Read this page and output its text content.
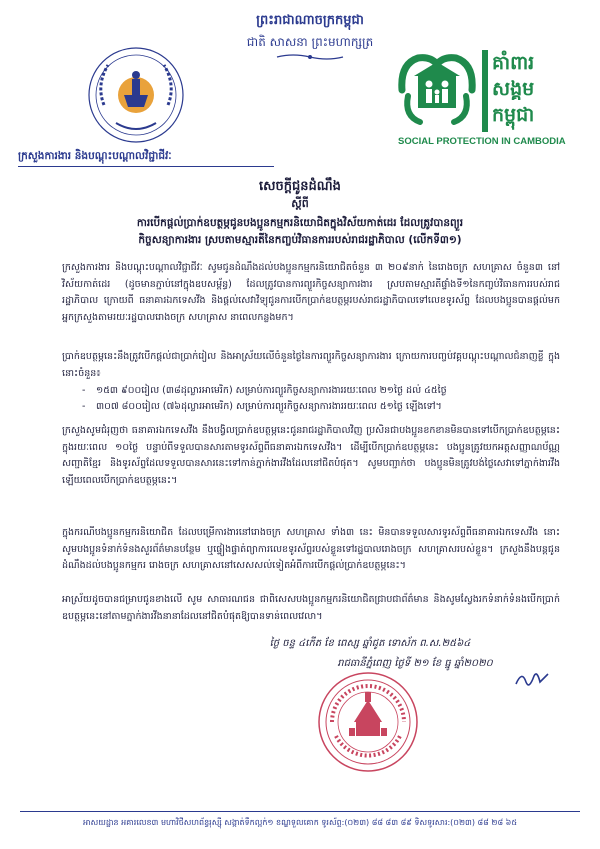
ព្រះរាជាណាចក្រកម្ពុជា
ជាតិ សាសនា ព្រះមហាក្សត្រ
គាំពារ
សង្គម
កម្ពុជា
SOCIAL PROTECTION IN CAMBODIA
ក្រសួងការងារ និងបណ្តុះបណ្តាលវិជ្ជាជីវៈ
សេចក្តីជូនដំណឹង
ស្តីពី
ការបើកផ្តល់ប្រាក់ឧបត្ថម្ភជូនបងប្អូនកម្មករនិយោជិតក្នុងវិស័យកាត់ដេរ ដែលត្រូវបានព្យួរ
កិច្ចសន្យាការងារ ស្របតាមស្មារតីនៃកញ្ចប់វិធានការរបស់រាជរដ្ឋាភិបាល (លើកទី៣១)
ក្រសួងការងារ និងបណ្តុះបណ្តាលវិជ្ជាជីវៈ សូមជូនដំណឹងដល់បងប្អូនកម្មករនិយោជិតចំនួន ៣ ២០៩នាក់ នៃរោងចក្រ សហគ្រាស ចំនួន៣ នៅវិស័យកាត់ដេរ (ដូចមានភ្ជាប់នៅក្នុងឧបសម្ព័ន្ធ) ដែលត្រូវបានការព្យួរកិច្ចសន្យាការងារ ស្របតាមស្មារតីផ្ទាំងទី១នៃកញ្ចប់វិធានការរបស់រាជរដ្ឋាភិបាល ក្រោយពី ធនាគារឯកទេសវីង និងផ្តល់សេវាវិទ្យុជូនការបើកប្រាក់ឧបត្ថម្ភរបស់រាជរដ្ឋាភិបាលទៅលេខទូរស័ព្ទ ដែលបងប្អូនបានផ្តល់មកអ្នកក្រសួងតាមរយៈរដ្ឋបាលរោងចក្រ សហគ្រាស នាពេលកន្លងមក។
ប្រាក់ឧបត្ថម្ភនេះនឹងត្រូវបើកផ្តល់ជាប្រាក់រៀល និងអាស្រ័យលើចំនួនថ្ងៃនៃការព្យួរកិច្ចសន្យាការងារ ក្រោយការបញ្ចប់វគ្គបណ្តុះបណ្តាលជំនាញខ្លី ក្នុងនោះចំនួន៖
- ១៥៣ ៩០០រៀល (៣៨ដុល្លារអាមេរិក) សម្រាប់ការព្យួរកិច្ចសន្យាការងាររយៈពេល ២១ថ្ងៃ ដល់ ៤៥ថ្ងៃ
- ៣០៧ ៨០០រៀល (៧៦ដុល្លារអាមេរិក) សម្រាប់ការព្យួរកិច្ចសន្យាការងាររយៈពេល ៥១ថ្ងៃ ឡើងទៅ។
ក្រសួងសូមជំរុញថា ធនាគារឯកទេសវីង នឹងបង្វិលប្រាក់ឧបត្ថម្ភនេះជូនរាជរដ្ឋាភិបាលវិញ ប្រសិនជាបងប្អូនខកខានមិនបានទៅបើកប្រាក់ឧបត្ថម្ភនេះក្នុងរយៈពេល ១០ថ្ងៃ បន្ទាប់ពីទទួលបានសារតាមទូរស័ព្ទពីធនាគារឯកទេសវីង។ ដើម្បីបើកប្រាក់ឧបត្ថម្ភនេះ បងប្អូនត្រូវយកអត្តសញ្ញាណប័ណ្ណសញ្ជាតិខ្មែរ និងទូរស័ព្ទដែលទទួលបានសារនេះទៅកាន់ភ្នាក់ងារវីងដែលនៅជិតបំផុត។ សូមបញ្ជាក់ថា បងប្អូនមិនត្រូវបង់ថ្លៃសេវាទៅភ្នាក់ងារវីងឡើយពេលបើកប្រាក់ឧបត្ថម្ភនេះ។
ក្នុងករណីបងប្អូនកម្មករនិយោជិត ដែលបម្រើការងារនៅរោងចក្រ សហគ្រាស ទាំង៣ នេះ មិនបានទទួលសារទូរស័ព្ទពីធនាគារឯកទេសវីង នោះសូមបងប្អូនទំនាក់ទំនងសួរព័ត៌មានបន្ថែម ឬផ្ទៀងផ្ទាត់ព្យាការលេខទូរស័ព្ទរបស់ខ្លួនទៅរដ្ឋបាលរោងចក្រ សហគ្រាសរបស់ខ្លួន។ ក្រសួងនឹងបន្តជូនដំណឹងដល់បងប្អូនកម្មករ រោងចក្រ សហគ្រាសនៅសេសសល់ទៀតអំពីការបើកផ្តល់ប្រាក់ឧបត្ថម្ភនេះ។
អាស្រ័យដូចបានជម្រាបជូនខាងលើ សូម សាធារណជន ជាពិសេសបងប្អូនកម្មករនិយោជិតជ្រាបជាព័ត៌មាន និងសូមស្វែងរកទំនាក់ទំនងបើកប្រាក់ឧបត្ថម្ភនេះនៅតាមភ្នាក់ងារវីងនានាដែលនៅជិតបំផុតឱ្យបានទាន់ពេលវេលា។
ថ្ងៃ ចន្ទ ៤កើត ខែ ពេស្ស ឆ្នាំជូត ទោស័ក ព.ស.២៥៦៤
រាជធានីភ្នំពេញ ថ្ងៃទី ២១ ខែ ធ្នូ ឆ្នាំ២០២០
អាសយដ្ឋាន អគារលេខ៣ មហាវិថីសហព័ន្ធរុស្ស៊ី សង្កាត់ទឹកល្អក់១ ខណ្ឌទួលគោក ទូរស័ព្ទ:(០២៣) ៨៨ ៨៣ ៨៩ ទិសទូរសារ:(០២៣) ៨៨ ២៨ ៦៥
